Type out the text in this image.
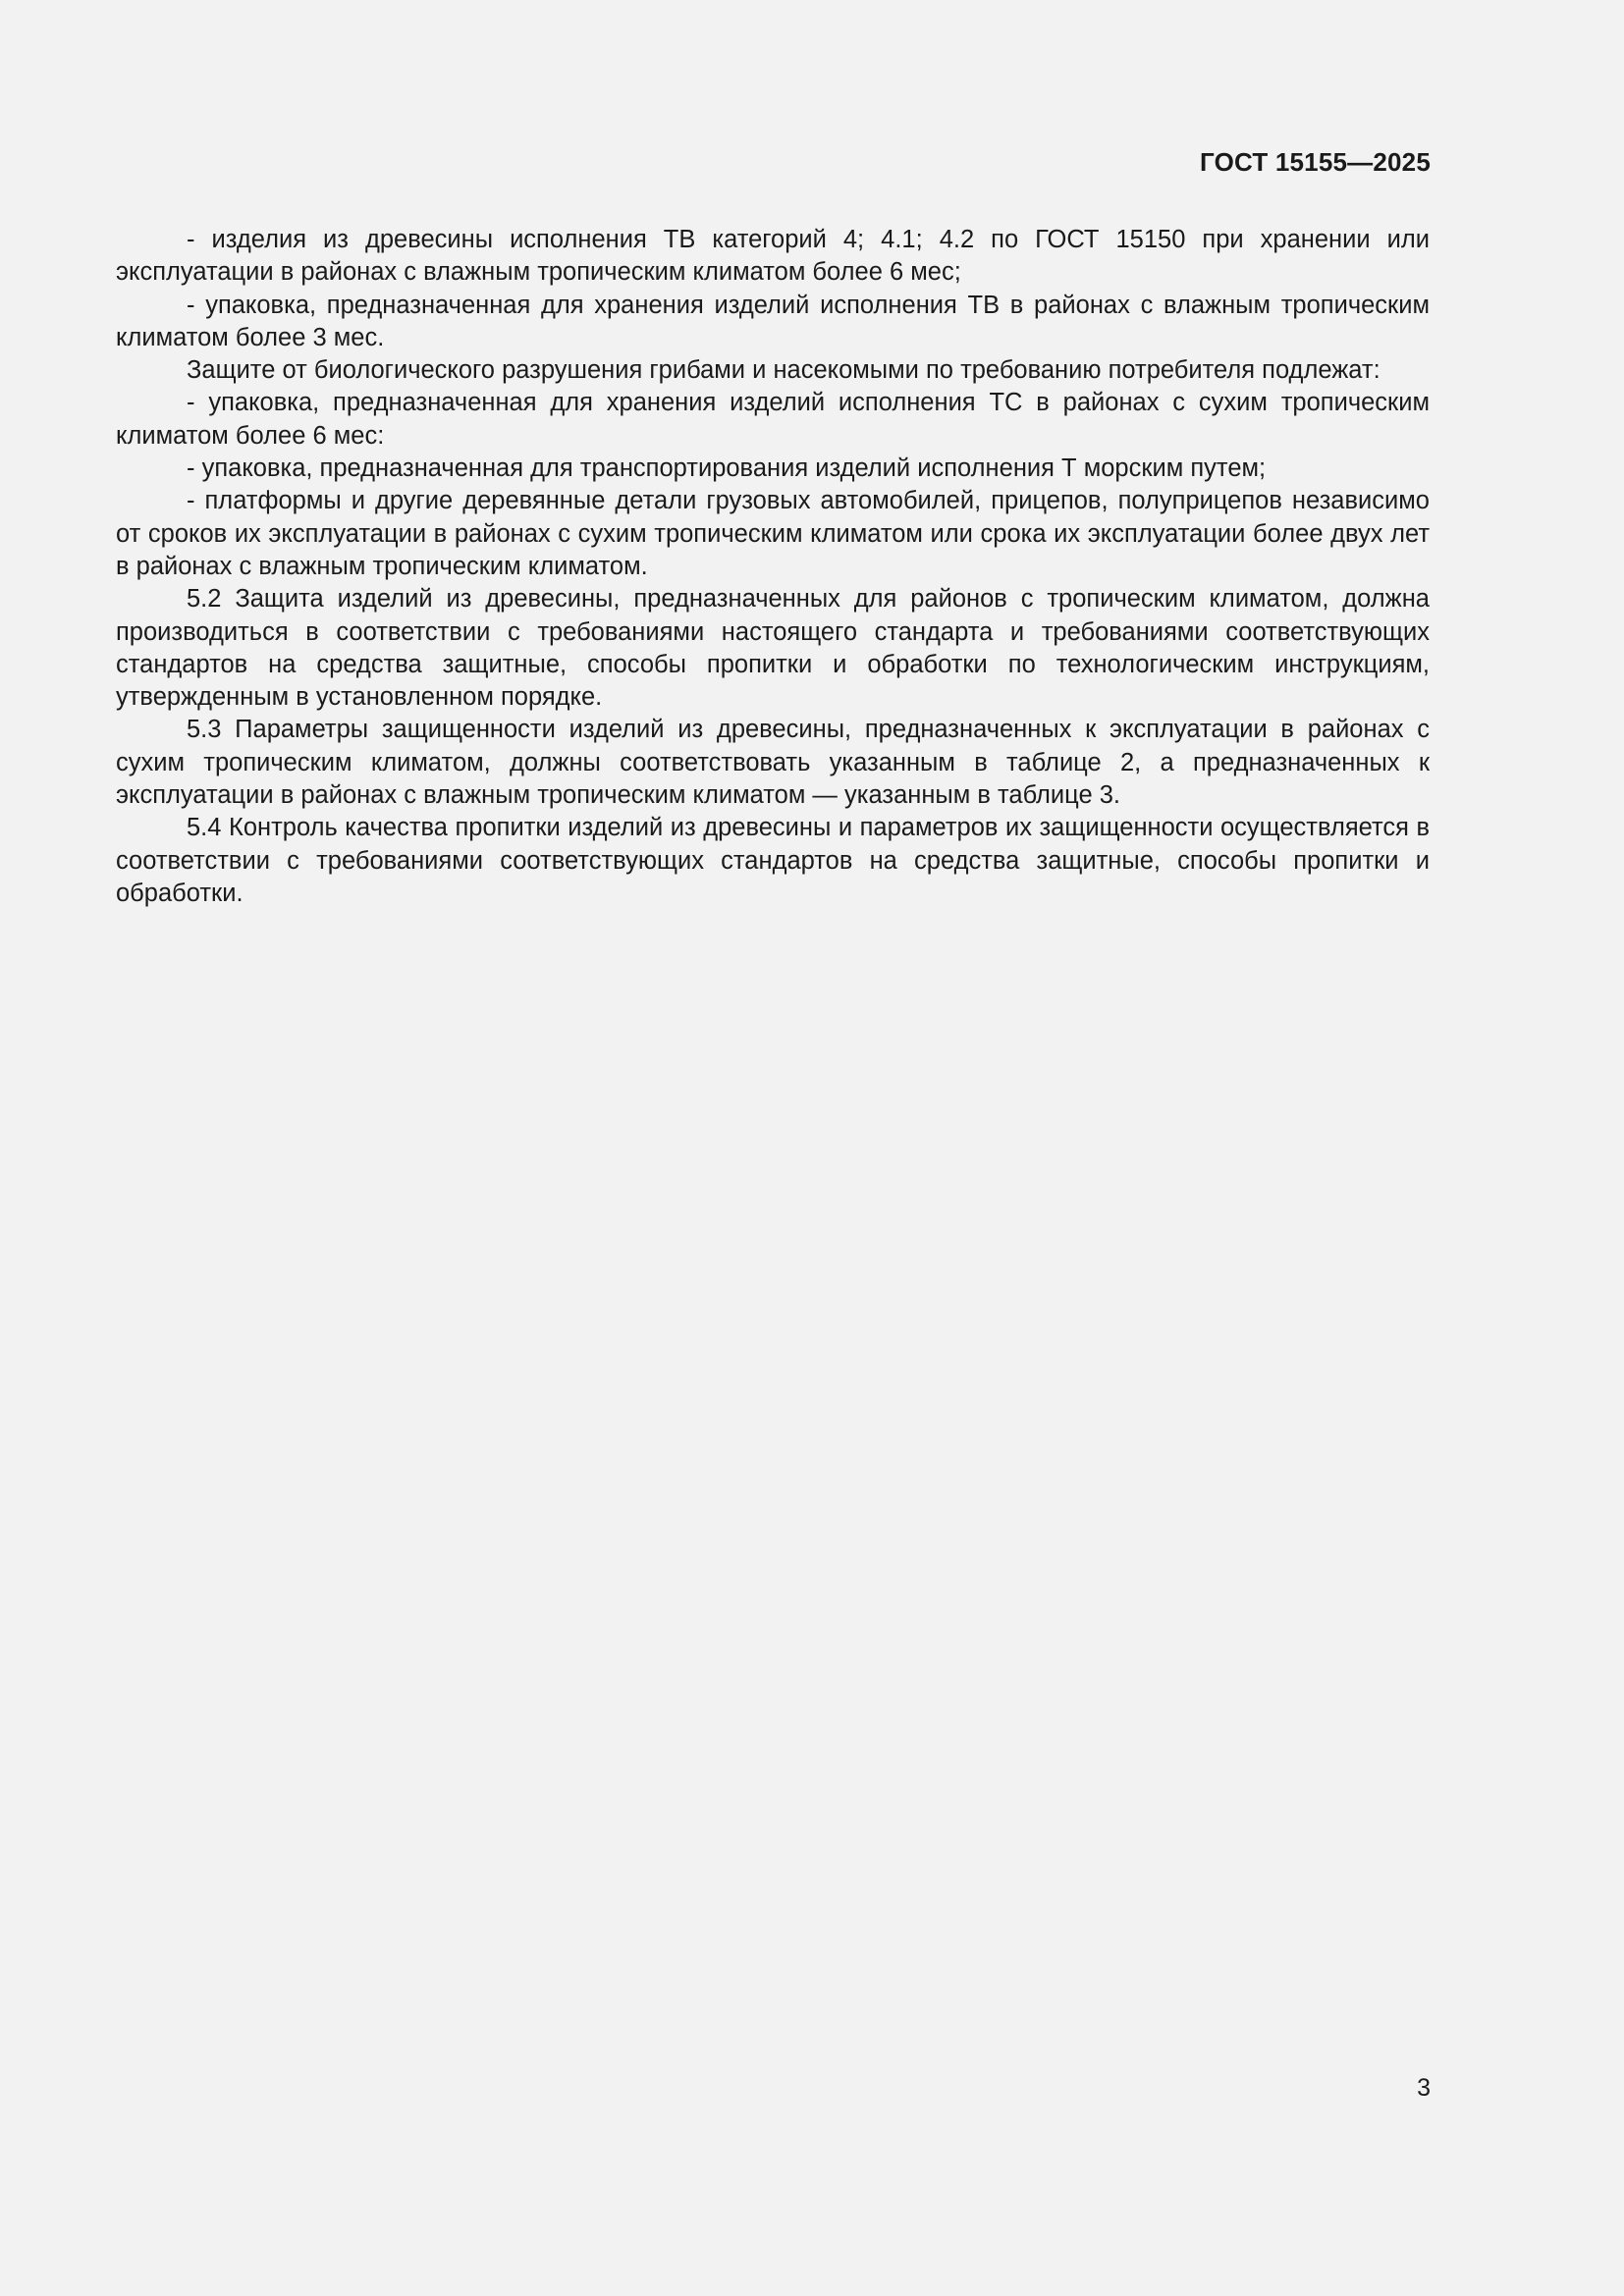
ГОСТ 15155—2025

- изделия из древесины исполнения ТВ категорий 4; 4.1; 4.2 по ГОСТ 15150 при хранении или эксплуатации в районах с влажным тропическим климатом более 6 мес;

- упаковка, предназначенная для хранения изделий исполнения ТВ в районах с влажным тропическим климатом более 3 мес.

Защите от биологического разрушения грибами и насекомыми по требованию потребителя подлежат:

- упаковка, предназначенная для хранения изделий исполнения ТС в районах с сухим тропическим климатом более 6 мес:

- упаковка, предназначенная для транспортирования изделий исполнения Т морским путем;

- платформы и другие деревянные детали грузовых автомобилей, прицепов, полуприцепов независимо от сроков их эксплуатации в районах с сухим тропическим климатом или срока их эксплуатации более двух лет в районах с влажным тропическим климатом.

5.2 Защита изделий из древесины, предназначенных для районов с тропическим климатом, должна производиться в соответствии с требованиями настоящего стандарта и требованиями соответствующих стандартов на средства защитные, способы пропитки и обработки по технологическим инструкциям, утвержденным в установленном порядке.

5.3 Параметры защищенности изделий из древесины, предназначенных к эксплуатации в районах с сухим тропическим климатом, должны соответствовать указанным в таблице 2, а предназначенных к эксплуатации в районах с влажным тропическим климатом — указанным в таблице 3.

5.4 Контроль качества пропитки изделий из древесины и параметров их защищенности осуществляется в соответствии с требованиями соответствующих стандартов на средства защитные, способы пропитки и обработки.

3
